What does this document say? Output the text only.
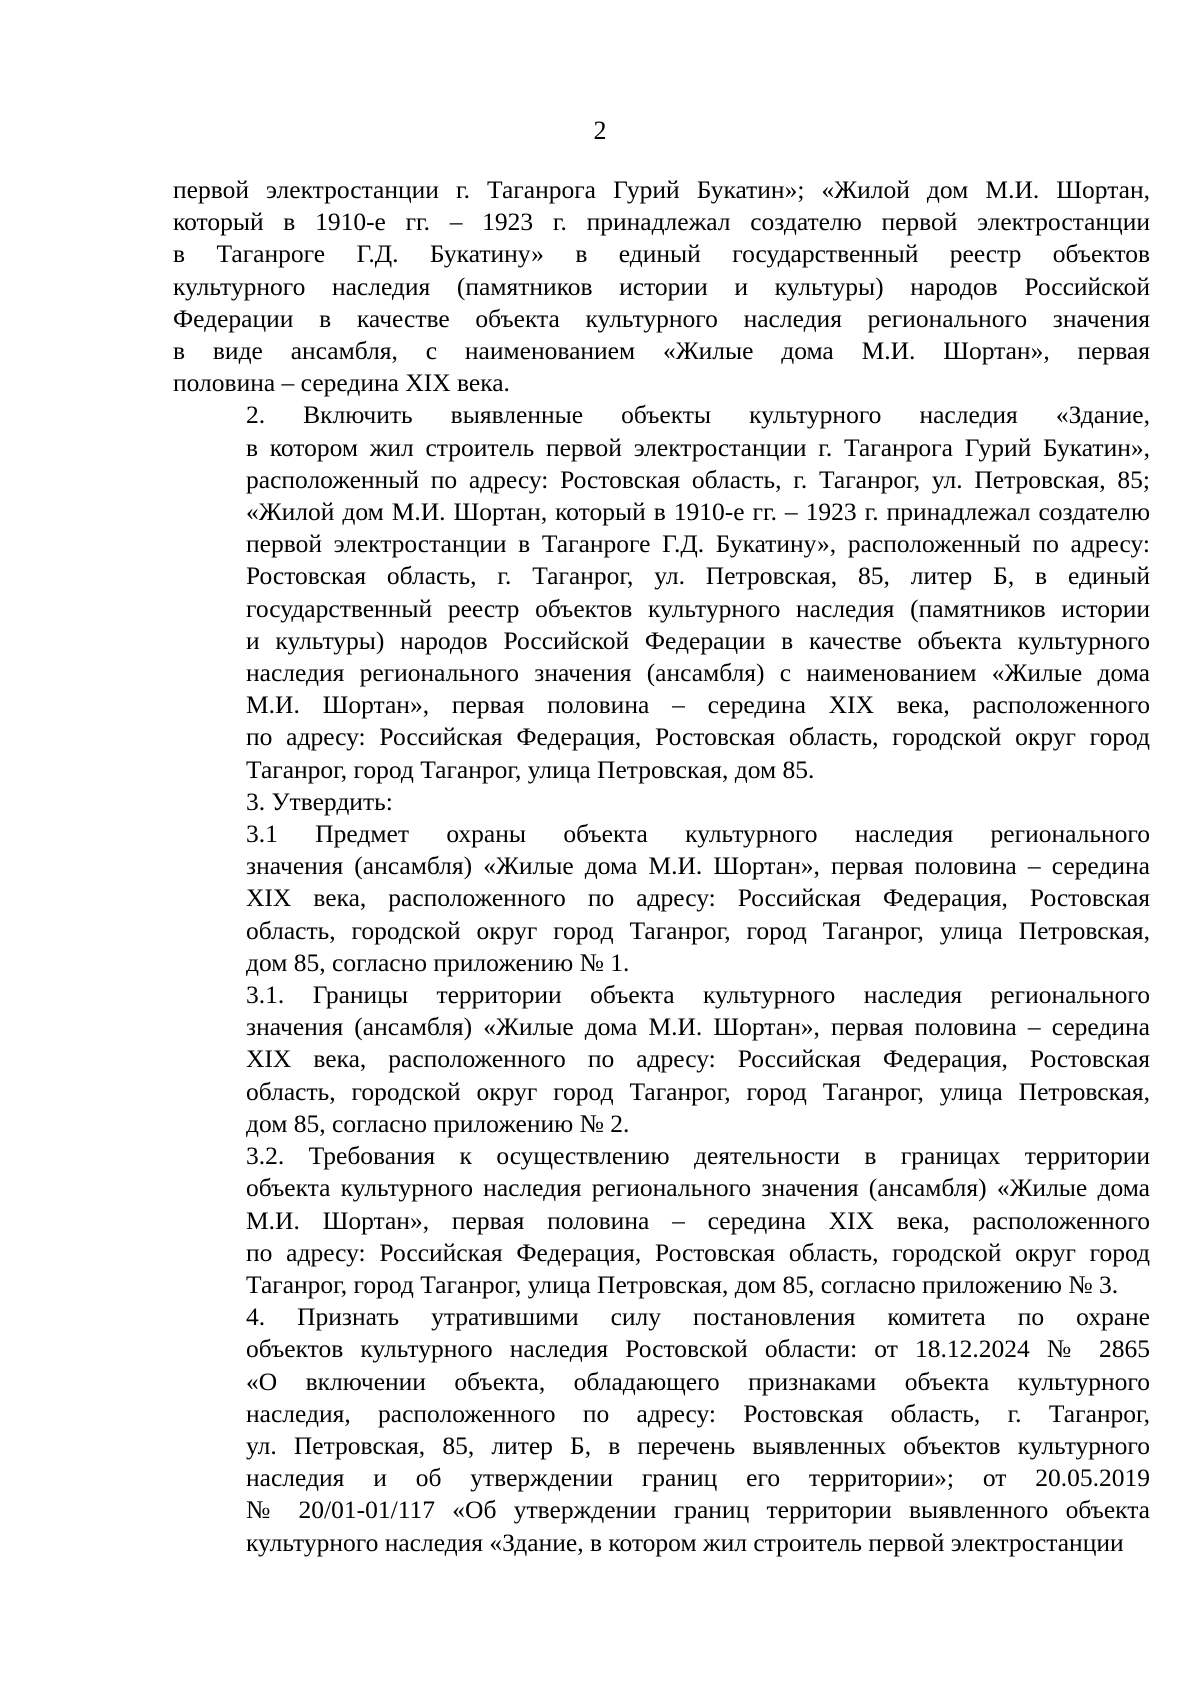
2

первой электростанции г. Таганрога Гурий Букатин»; «Жилой дом М.И. Шортан,
который в 1910-е гг. – 1923 г. принадлежал создателю первой электростанции
в Таганроге Г.Д. Букатину» в единый государственный реестр объектов
культурного наследия (памятников истории и культуры) народов Российской
Федерации в качестве объекта культурного наследия регионального значения
в виде ансамбля, с наименованием «Жилые дома М.И. Шортан», первая
половина – середина XIX века.

2. Включить выявленные объекты культурного наследия «Здание,
в котором жил строитель первой электростанции г. Таганрога Гурий Букатин»,
расположенный по адресу: Ростовская область, г. Таганрог, ул. Петровская, 85;
«Жилой дом М.И. Шортан, который в 1910-е гг. – 1923 г. принадлежал создателю
первой электростанции в Таганроге Г.Д. Букатину», расположенный по адресу:
Ростовская область, г. Таганрог, ул. Петровская, 85, литер Б, в единый
государственный реестр объектов культурного наследия (памятников истории
и культуры) народов Российской Федерации в качестве объекта культурного
наследия регионального значения (ансамбля) с наименованием «Жилые дома
М.И. Шортан», первая половина – середина XIX века, расположенного
по адресу: Российская Федерация, Ростовская область, городской округ город
Таганрог, город Таганрог, улица Петровская, дом 85.

3. Утвердить:

3.1 Предмет охраны объекта культурного наследия регионального
значения (ансамбля) «Жилые дома М.И. Шортан», первая половина – середина
XIX века, расположенного по адресу: Российская Федерация, Ростовская
область, городской округ город Таганрог, город Таганрог, улица Петровская,
дом 85, согласно приложению № 1.

3.1. Границы территории объекта культурного наследия регионального
значения (ансамбля) «Жилые дома М.И. Шортан», первая половина – середина
XIX века, расположенного по адресу: Российская Федерация, Ростовская
область, городской округ город Таганрог, город Таганрог, улица Петровская,
дом 85, согласно приложению № 2.

3.2. Требования к осуществлению деятельности в границах территории
объекта культурного наследия регионального значения (ансамбля) «Жилые дома
М.И. Шортан», первая половина – середина XIX века, расположенного
по адресу: Российская Федерация, Ростовская область, городской округ город
Таганрог, город Таганрог, улица Петровская, дом 85, согласно приложению № 3.

4. Признать утратившими силу постановления комитета по охране
объектов культурного наследия Ростовской области: от 18.12.2024 № 2865
«О включении объекта, обладающего признаками объекта культурного
наследия, расположенного по адресу: Ростовская область, г. Таганрог,
ул. Петровская, 85, литер Б, в перечень выявленных объектов культурного
наследия и об утверждении границ его территории»; от 20.05.2019
№ 20/01-01/117 «Об утверждении границ территории выявленного объекта
культурного наследия «Здание, в котором жил строитель первой электростанции
